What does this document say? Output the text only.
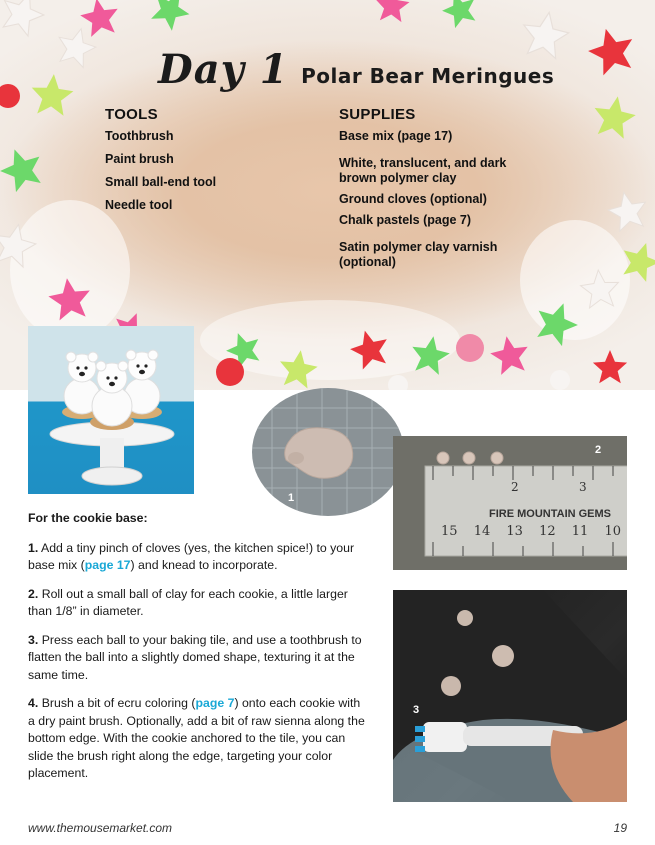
Day 1 Polar Bear Meringues
TOOLS
Toothbrush
Paint brush
Small ball-end tool
Needle tool
SUPPLIES
Base mix (page 17)
White, translucent, and dark brown polymer clay
Ground cloves (optional)
Chalk pastels (page 7)
Satin polymer clay varnish (optional)
1
2	3
FIRE MOUNTAIN GEMS
15 14 13 12 11 10
2
3
For the cookie base:

1. Add a tiny pinch of cloves (yes, the kitchen spice!) to your base mix (page 17) and knead to incorporate.

2. Roll out a small ball of clay for each cookie, a little larger than 1/8” in diameter.

3. Press each ball to your baking tile, and use a toothbrush to flatten the ball into a slightly domed shape, texturing it at the same time.

4. Brush a bit of ecru coloring (page 7) onto each cookie with a dry paint brush. Optionally, add a bit of raw sienna along the bottom edge. With the cookie anchored to the tile, you can slide the brush right along the edge, targeting your color placement.

www.themousemarket.com	19
